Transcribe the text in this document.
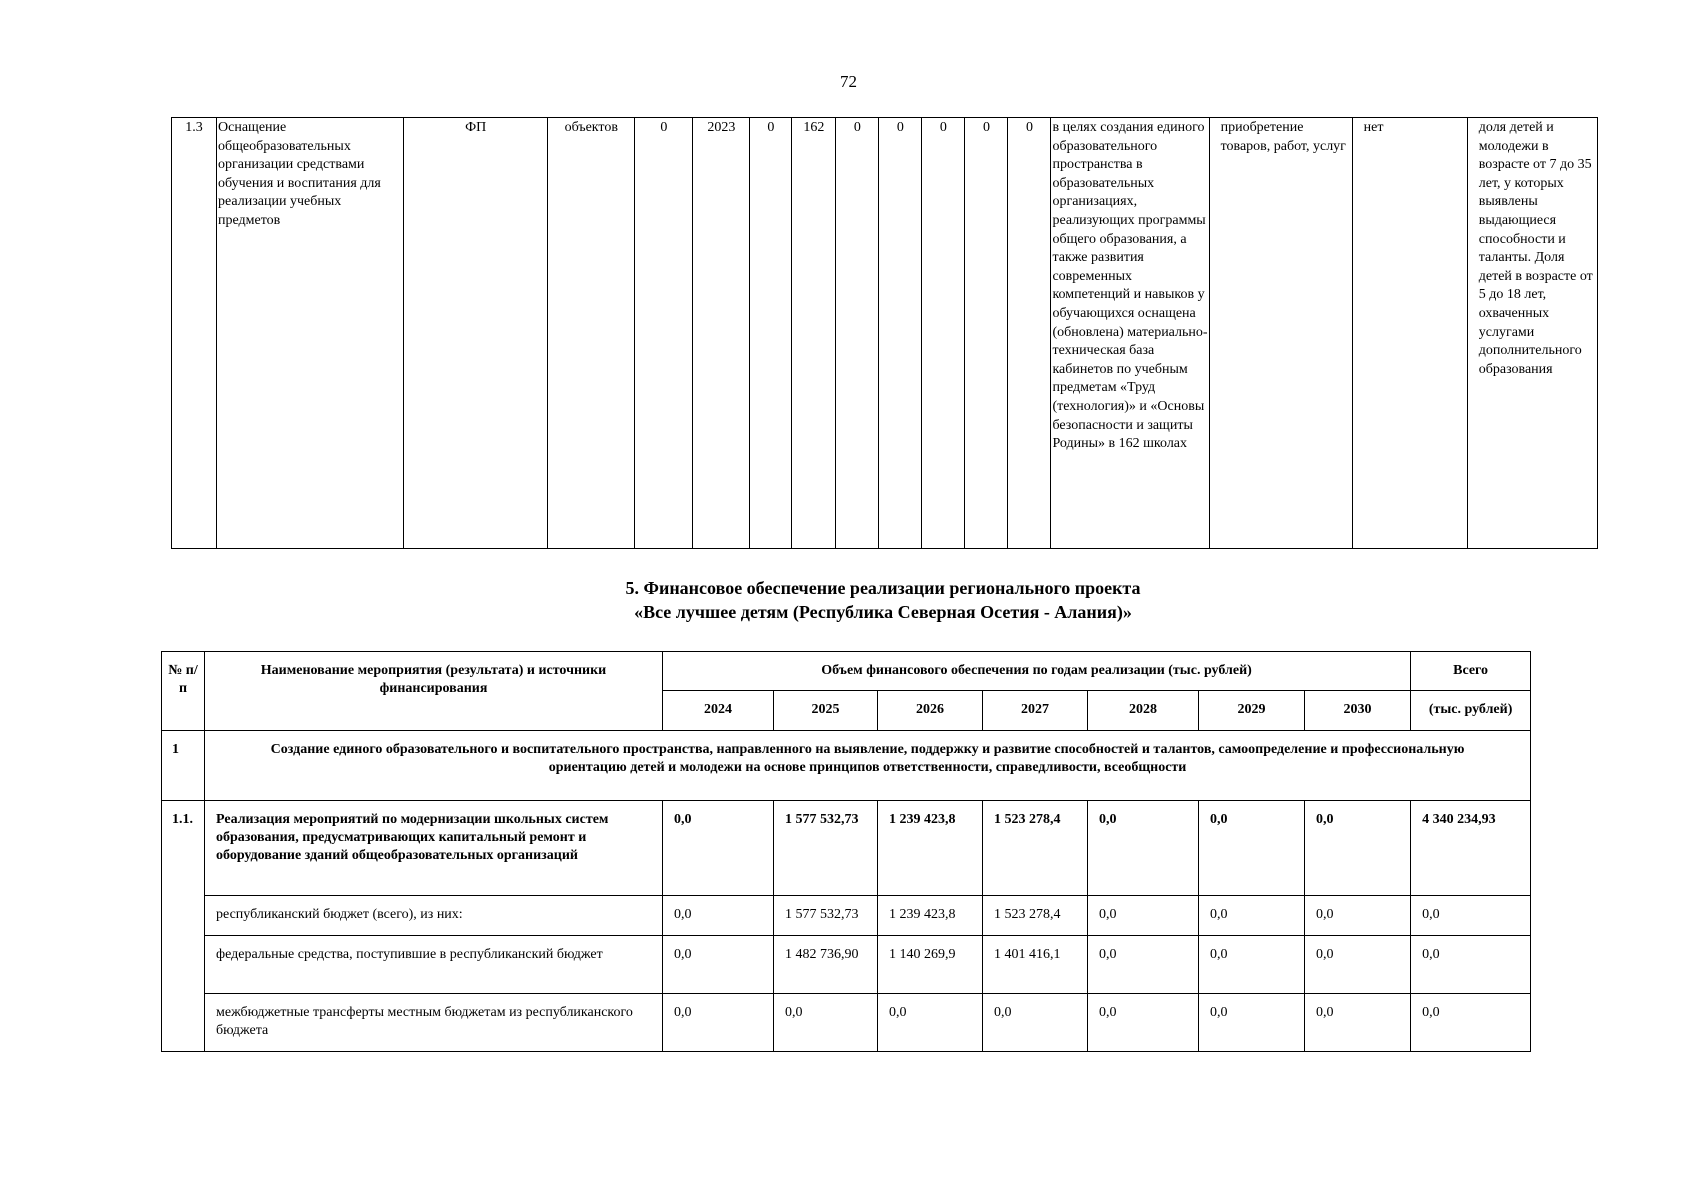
72
1.3	Оснащение общеобразовательных организации средствами обучения и воспитания для реализации учебных предметов	ФП	объектов	0	2023	0	162	0	0	0	0	0	в целях создания единого образовательного пространства в образовательных организациях, реализующих программы общего образования, а также развития современных компетенций и навыков у обучающихся оснащена (обновлена) материально-техническая база кабинетов по учебным предметам «Труд (технология)» и «Основы безопасности и защиты Родины» в 162 школах	приобретение товаров, работ, услуг	нет	доля детей и молодежи в возрасте от 7 до 35 лет, у которых выявлены выдающиеся способности и таланты. Доля детей в возрасте от 5 до 18 лет, охваченных услугами дополнительного образования
5. Финансовое обеспечение реализации регионального проекта
«Все лучшее детям (Республика Северная Осетия - Алания)»
№ п/п	Наименование мероприятия (результата) и источники финансирования	Объем финансового обеспечения по годам реализации (тыс. рублей)							Всего
		2024	2025	2026	2027	2028	2029	2030	(тыс. рублей)
1	Создание единого образовательного и воспитательного пространства, направленного на выявление, поддержку и развитие способностей и талантов, самоопределение и профессиональную ориентацию детей и молодежи на основе принципов ответственности, справедливости, всеобщности								
1.1.	Реализация мероприятий по модернизации школьных систем образования, предусматривающих капитальный ремонт и оборудование зданий общеобразовательных организаций	0,0	1 577 532,73	1 239 423,8	1 523 278,4	0,0	0,0	0,0	4 340 234,93
	республиканский бюджет (всего), из них:	0,0	1 577 532,73	1 239 423,8	1 523 278,4	0,0	0,0	0,0	0,0
	федеральные средства, поступившие в республиканский бюджет	0,0	1 482 736,90	1 140 269,9	1 401 416,1	0,0	0,0	0,0	0,0
	межбюджетные трансферты местным бюджетам из республиканского бюджета	0,0	0,0	0,0	0,0	0,0	0,0	0,0	0,0
